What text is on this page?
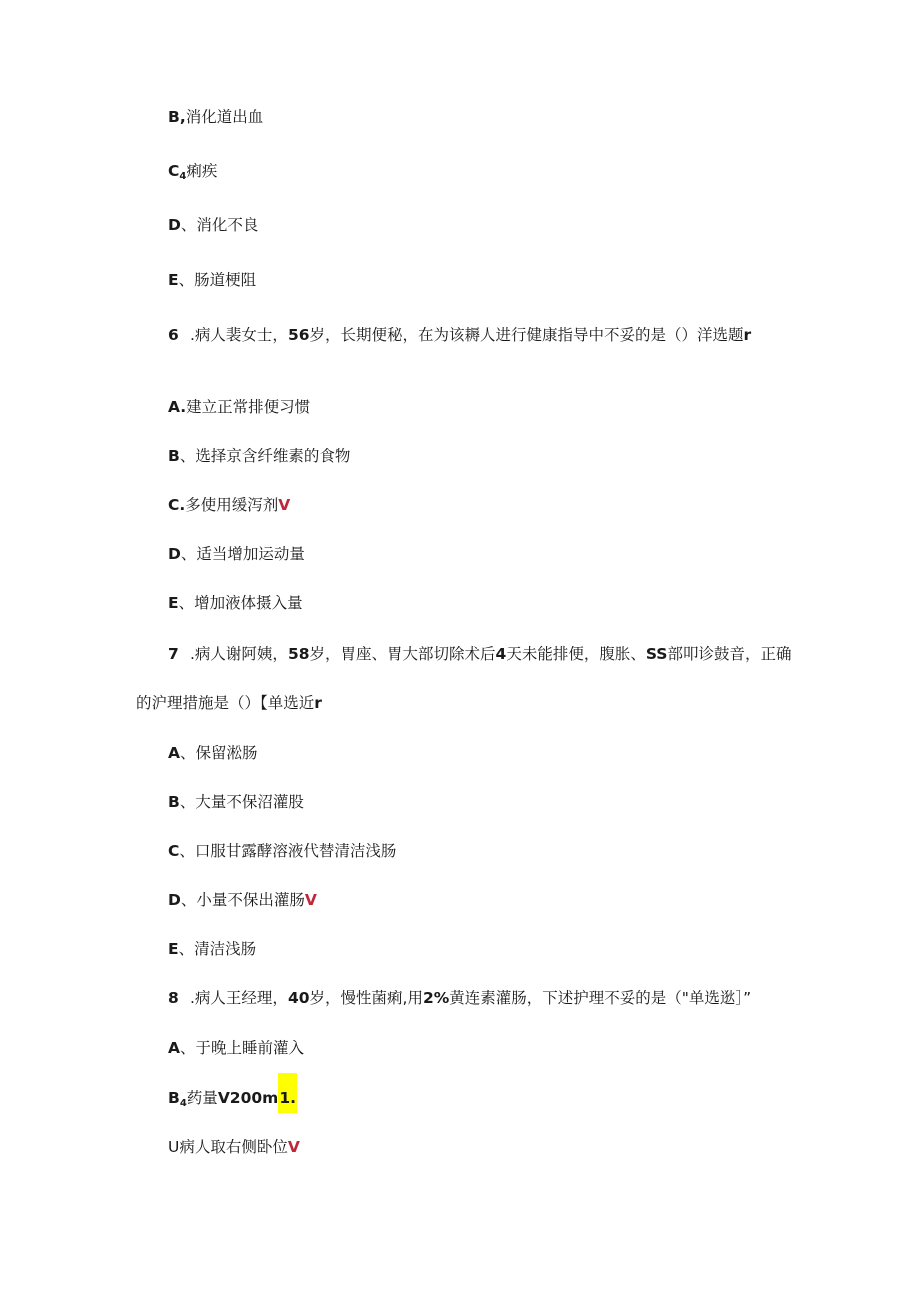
B,消化道出血
$C_4$痢疾
D、消化不良
E、肠道梗阻
6 .病人裴女士，56岁，长期便秘，在为该耨人进行健康指导中不妥的是（）洋选题r
A.建立正常排便习惯
B、选择京含纤维素的食物
C.多使用缓泻剂V
D、适当增加运动量
E、增加液体摄入量
7 .病人谢阿姨，58岁，胃座、胃大部切除术后4天未能排便，腹胀、SS部叩诊鼓音，正确
的沪理措施是（）【单选近r
A、保留淞肠
B、大量不保沼灌股
C、口服甘露酵溶液代替清洁浅肠
D、小量不保出灌肠V
E、清洁浅肠
8 .病人王经理，40岁，慢性菌痢,用2%黄连素灌肠，下述护理不妥的是（"单选逖］”
A、于晚上睡前灌入
$B_4$药量V200m1.
U病人取右侧卧位V
